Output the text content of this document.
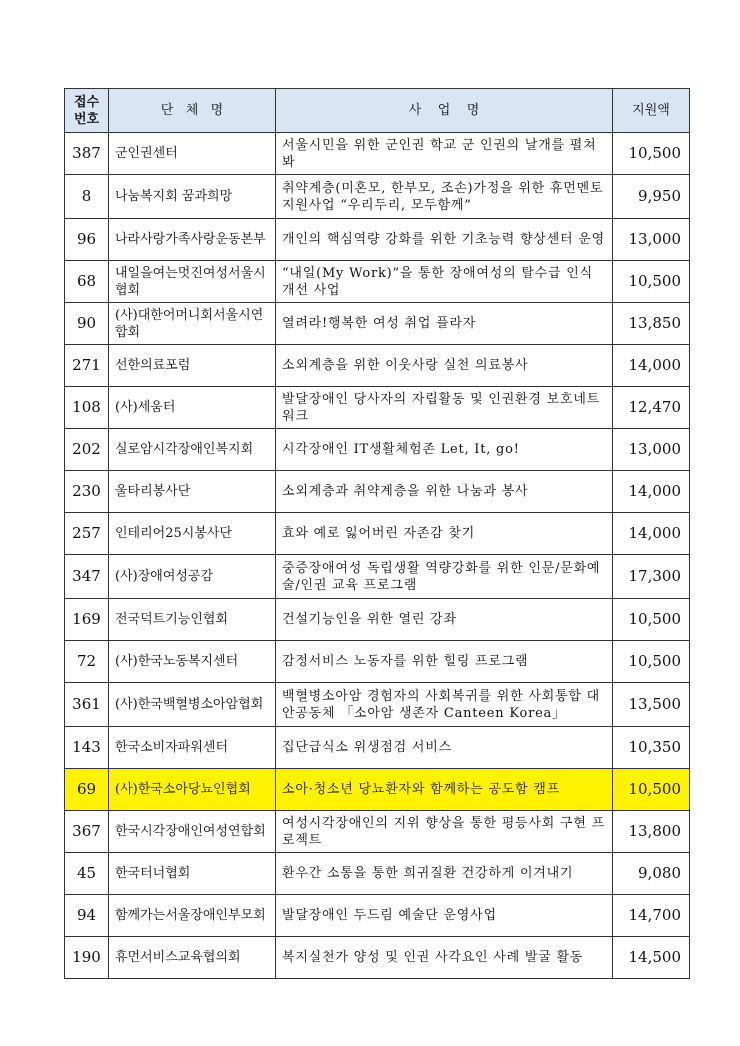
접수
번호	단   체   명	사    업    명	지원액
387	군인권센터	서울시민을 위한 군인권 학교 군 인권의 날개를 펼쳐봐	10,500
8	나눔복지회 꿈과희망	취약계층(미혼모, 한부모, 조손)가정을 위한 휴먼멘토 지원사업 “우리두리, 모두함께”	9,950
96	나라사랑가족사랑운동본부	개인의 핵심역량 강화를 위한 기초능력 향상센터 운영	13,000
68	내일을여는멋진여성서울시협회	“내일(My Work)”을 통한 장애여성의 탈수급 인식개선 사업	10,500
90	(사)대한어머니회서울시연합회	열려라!행복한 여성 취업 플라자	13,850
271	선한의료포럼	소외계층을 위한 이웃사랑 실천 의료봉사	14,000
108	(사)세움터	발달장애인 당사자의 자립활동 및 인권환경 보호네트워크	12,470
202	실로암시각장애인복지회	시각장애인 IT생활체험존 Let, It, go!	13,000
230	울타리봉사단	소외계층과 취약계층을 위한 나눔과 봉사	14,000
257	인테리어25시봉사단	효와 예로 잃어버린 자존감 찾기	14,000
347	(사)장애여성공감	중증장애여성 독립생활 역량강화를 위한 인문/문화예술/인권 교육 프로그램	17,300
169	전국덕트기능인협회	건설기능인을 위한 열린 강좌	10,500
72	(사)한국노동복지센터	감정서비스 노동자를 위한 힐링 프로그램	10,500
361	(사)한국백혈병소아암협회	백혈병소아암 경험자의 사회복귀를 위한 사회통합 대안공동체 「소아암 생존자 Canteen Korea」	13,500
143	한국소비자파워센터	집단급식소 위생점검 서비스	10,350
69	(사)한국소아당뇨인협회	소아·청소년 당뇨환자와 함께하는 공도함 캠프	10,500
367	한국시각장애인여성연합회	여성시각장애인의 지위 향상을 통한 평등사회 구현 프로젝트	13,800
45	한국터너협회	환우간 소통을 통한 희귀질환 건강하게 이겨내기	9,080
94	함께가는서울장애인부모회	발달장애인 두드림 예술단 운영사업	14,700
190	휴먼서비스교육협의회	복지실천가 양성 및 인권 사각요인 사례 발굴 활동	14,500
